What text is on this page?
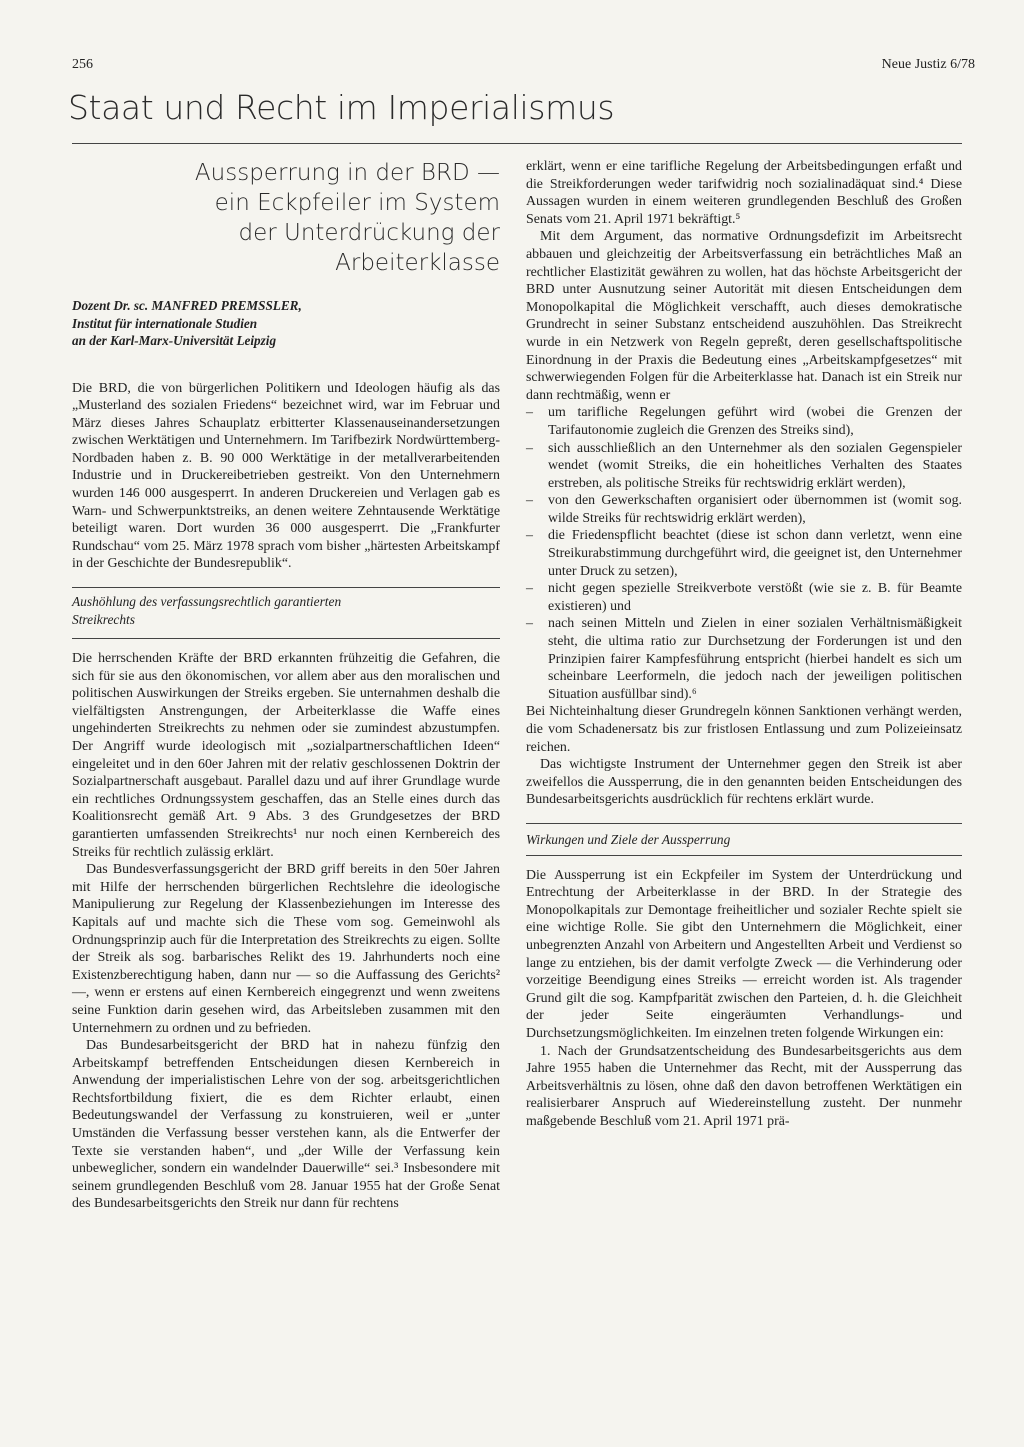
256	Neue Justiz 6/78
Staat und Recht im Imperialismus
Aussperrung in der BRD —
ein Eckpfeiler im System
der Unterdrückung der Arbeiterklasse
Dozent Dr. sc. MANFRED PREMSSLER,
Institut für internationale Studien
an der Karl-Marx-Universität Leipzig

Die BRD, die von bürgerlichen Politikern und Ideologen häufig als das „Musterland des sozialen Friedens“ bezeichnet wird, war im Februar und März dieses Jahres Schauplatz erbitterter Klassenauseinandersetzungen zwischen Werktätigen und Unternehmern. Im Tarifbezirk Nordwürttemberg-Nordbaden haben z. B. 90 000 Werktätige in der metallverarbeitenden Industrie und in Druckereibetrieben gestreikt. Von den Unternehmern wurden 146 000 ausgesperrt. In anderen Druckereien und Verlagen gab es Warn- und Schwerpunktstreiks, an denen weitere Zehntausende Werktätige beteiligt waren. Dort wurden 36 000 ausgesperrt. Die „Frankfurter Rundschau“ vom 25. März 1978 sprach vom bisher „härtesten Arbeitskampf in der Geschichte der Bundesrepublik“.

Aushöhlung des verfassungsrechtlich garantierten
Streikrechts

Die herrschenden Kräfte der BRD erkannten frühzeitig die Gefahren, die sich für sie aus den ökonomischen, vor allem aber aus den moralischen und politischen Auswirkungen der Streiks ergeben. Sie unternahmen deshalb die vielfältigsten Anstrengungen, der Arbeiterklasse die Waffe eines ungehinderten Streikrechts zu nehmen oder sie zumindest abzustumpfen. Der Angriff wurde ideologisch mit „sozialpartnerschaftlichen Ideen“ eingeleitet und in den 60er Jahren mit der relativ geschlossenen Doktrin der Sozialpartnerschaft ausgebaut. Parallel dazu und auf ihrer Grundlage wurde ein rechtliches Ordnungssystem geschaffen, das an Stelle eines durch das Koalitionsrecht gemäß Art. 9 Abs. 3 des Grundgesetzes der BRD garantierten umfassenden Streikrechts¹ nur noch einen Kernbereich des Streiks für rechtlich zulässig erklärt.

Das Bundesverfassungsgericht der BRD griff bereits in den 50er Jahren mit Hilfe der herrschenden bürgerlichen Rechtslehre die ideologische Manipulierung zur Regelung der Klassenbeziehungen im Interesse des Kapitals auf und machte sich die These vom sog. Gemeinwohl als Ordnungsprinzip auch für die Interpretation des Streikrechts zu eigen. Sollte der Streik als sog. barbarisches Relikt des 19. Jahrhunderts noch eine Existenzberechtigung haben, dann nur — so die Auffassung des Gerichts² —, wenn er erstens auf einen Kernbereich eingegrenzt und wenn zweitens seine Funktion darin gesehen wird, das Arbeitsleben zusammen mit den Unternehmern zu ordnen und zu befrieden.

Das Bundesarbeitsgericht der BRD hat in nahezu fünfzig den Arbeitskampf betreffenden Entscheidungen diesen Kernbereich in Anwendung der imperialistischen Lehre von der sog. arbeitsgerichtlichen Rechtsfortbildung fixiert, die es dem Richter erlaubt, einen Bedeutungswandel der Verfassung zu konstruieren, weil er „unter Umständen die Verfassung besser verstehen kann, als die Entwerfer der Texte sie verstanden haben“, und „der Wille der Verfassung kein unbeweglicher, sondern ein wandelnder Dauerwille“ sei.³ Insbesondere mit seinem grundlegenden Beschluß vom 28. Januar 1955 hat der Große Senat des Bundesarbeitsgerichts den Streik nur dann für rechtens

erklärt, wenn er eine tarifliche Regelung der Arbeitsbedingungen erfaßt und die Streikforderungen weder tarifwidrig noch sozialinadäquat sind.⁴ Diese Aussagen wurden in einem weiteren grundlegenden Beschluß des Großen Senats vom 21. April 1971 bekräftigt.⁵

Mit dem Argument, das normative Ordnungsdefizit im Arbeitsrecht abbauen und gleichzeitig der Arbeitsverfassung ein beträchtliches Maß an rechtlicher Elastizität gewähren zu wollen, hat das höchste Arbeitsgericht der BRD unter Ausnutzung seiner Autorität mit diesen Entscheidungen dem Monopolkapital die Möglichkeit verschafft, auch dieses demokratische Grundrecht in seiner Substanz entscheidend auszuhöhlen. Das Streikrecht wurde in ein Netzwerk von Regeln gepreßt, deren gesellschaftspolitische Einordnung in der Praxis die Bedeutung eines „Arbeitskampfgesetzes“ mit schwerwiegenden Folgen für die Arbeiterklasse hat. Danach ist ein Streik nur dann rechtmäßig, wenn er

– um tarifliche Regelungen geführt wird (wobei die Grenzen der Tarifautonomie zugleich die Grenzen des Streiks sind),
– sich ausschließlich an den Unternehmer als den sozialen Gegenspieler wendet (womit Streiks, die ein hoheitliches Verhalten des Staates erstreben, als politische Streiks für rechtswidrig erklärt werden),
– von den Gewerkschaften organisiert oder übernommen ist (womit sog. wilde Streiks für rechtswidrig erklärt werden),
– die Friedenspflicht beachtet (diese ist schon dann verletzt, wenn eine Streikurabstimmung durchgeführt wird, die geeignet ist, den Unternehmer unter Druck zu setzen),
– nicht gegen spezielle Streikverbote verstößt (wie sie z. B. für Beamte existieren) und
– nach seinen Mitteln und Zielen in einer sozialen Verhältnismäßigkeit steht, die ultima ratio zur Durchsetzung der Forderungen ist und den Prinzipien fairer Kampfesführung entspricht (hierbei handelt es sich um scheinbare Leerformeln, die jedoch nach der jeweiligen politischen Situation ausfüllbar sind).⁶

Bei Nichteinhaltung dieser Grundregeln können Sanktionen verhängt werden, die vom Schadenersatz bis zur fristlosen Entlassung und zum Polizeieinsatz reichen.

Das wichtigste Instrument der Unternehmer gegen den Streik ist aber zweifellos die Aussperrung, die in den genannten beiden Entscheidungen des Bundesarbeitsgerichts ausdrücklich für rechtens erklärt wurde.

Wirkungen und Ziele der Aussperrung

Die Aussperrung ist ein Eckpfeiler im System der Unterdrückung und Entrechtung der Arbeiterklasse in der BRD. In der Strategie des Monopolkapitals zur Demontage freiheitlicher und sozialer Rechte spielt sie eine wichtige Rolle. Sie gibt den Unternehmern die Möglichkeit, einer unbegrenzten Anzahl von Arbeitern und Angestellten Arbeit und Verdienst so lange zu entziehen, bis der damit verfolgte Zweck — die Verhinderung oder vorzeitige Beendigung eines Streiks — erreicht worden ist. Als tragender Grund gilt die sog. Kampfparität zwischen den Parteien, d. h. die Gleichheit der jeder Seite eingeräumten Verhandlungs- und Durchsetzungsmöglichkeiten. Im einzelnen treten folgende Wirkungen ein:

1. Nach der Grundsatzentscheidung des Bundesarbeitsgerichts aus dem Jahre 1955 haben die Unternehmer das Recht, mit der Aussperrung das Arbeitsverhältnis zu lösen, ohne daß den davon betroffenen Werktätigen ein realisierbarer Anspruch auf Wiedereinstellung zusteht. Der nunmehr maßgebende Beschluß vom 21. April 1971 prä-
